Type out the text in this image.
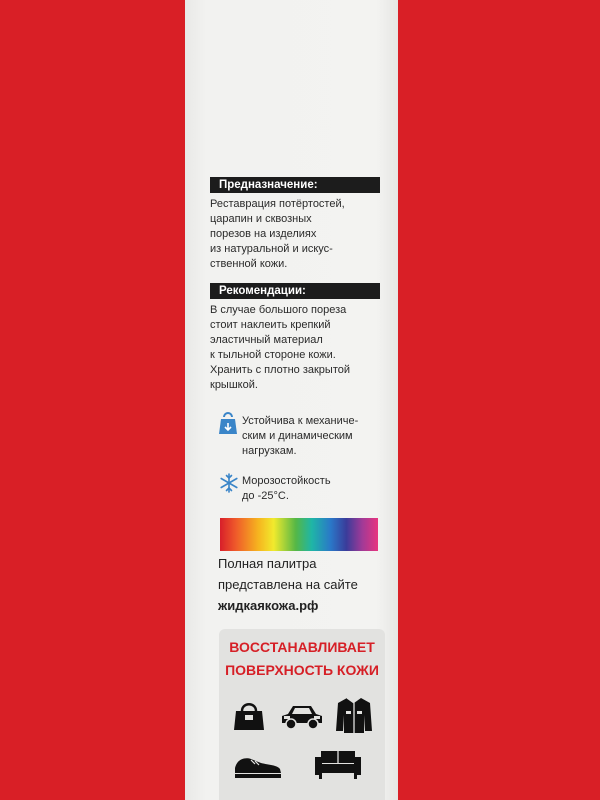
Предназначение:
Реставрация потёртостей,
царапин и сквозных
порезов на изделиях
из натуральной и искус-
ственной кожи.
Рекомендации:
В случае большого пореза
стоит наклеить крепкий
эластичный материал
к тыльной стороне кожи.
Хранить с плотно закрытой
крышкой.
Устойчива к механиче-
ским и динамическим
нагрузкам.
Морозостойкость
до -25°С.
Полная палитра
представлена на сайте
жидкаякожа.рф
ВОССТАНАВЛИВАЕТ
ПОВЕРХНОСТЬ КОЖИ
